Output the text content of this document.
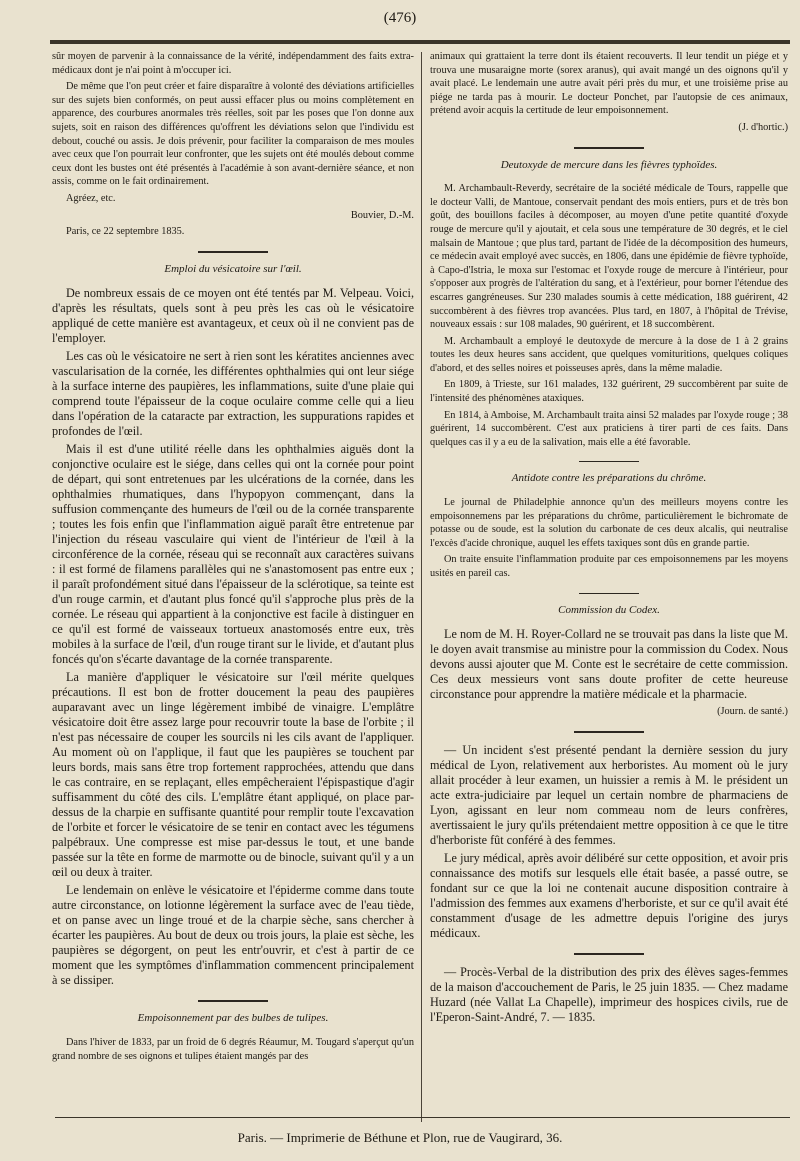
(476)

sûr moyen de parvenir à la connaissance de la vérité, indépendamment des faits extra-médicaux dont je n'ai point à m'occuper ici.

De même que l'on peut créer et faire disparaître à volonté des déviations artificielles sur des sujets bien conformés, on peut aussi effacer plus ou moins complètement en apparence, des courbures anormales très réelles, soit par les poses que l'on donne aux sujets, soit en raison des différences qu'offrent les déviations selon que l'individu est debout, couché ou assis. Je dois prévenir, pour faciliter la comparaison de mes moules avec ceux que l'on pourrait leur confronter, que les sujets ont été moulés debout comme ceux dont les bustes ont été présentés à l'académie à son avant-dernière séance, et non assis, comme on le fait ordinairement.

Agréez, etc.

Bouvier, D.-M.

Paris, ce 22 septembre 1835.

Emploi du vésicatoire sur l'œil.

De nombreux essais de ce moyen ont été tentés par M. Velpeau. Voici, d'après les résultats, quels sont à peu près les cas où le vésicatoire appliqué de cette manière est avantageux, et ceux où il ne convient pas de l'employer.

Les cas où le vésicatoire ne sert à rien sont les kératites anciennes avec vascularisation de la cornée, les différentes ophthalmies qui ont leur siége à la surface interne des paupières, les inflammations, suite d'une plaie qui comprend toute l'épaisseur de la coque oculaire comme celle qui a lieu dans l'opération de la cataracte par extraction, les suppurations rapides et profondes de l'œil.

Mais il est d'une utilité réelle dans les ophthalmies aiguës dont la conjonctive oculaire est le siége, dans celles qui ont la cornée pour point de départ, qui sont entretenues par les ulcérations de la cornée, dans les ophthalmies rhumatiques, dans l'hypopyon commençant, dans la suffusion commençante des humeurs de l'œil ou de la cornée transparente ; toutes les fois enfin que l'inflammation aiguë paraît être entretenue par l'injection du réseau vasculaire qui vient de l'intérieur de l'œil à la circonférence de la cornée, réseau qui se reconnaît aux caractères suivans : il est formé de filamens parallèles qui ne s'anastomosent pas entre eux ; il paraît profondément situé dans l'épaisseur de la sclérotique, sa teinte est d'un rouge carmin, et d'autant plus foncé qu'il s'approche plus près de la cornée. Le réseau qui appartient à la conjonctive est facile à distinguer en ce qu'il est formé de vaisseaux tortueux anastomosés entre eux, très mobiles à la surface de l'œil, d'un rouge tirant sur le livide, et d'autant plus foncés qu'on s'écarte davantage de la cornée transparente.

La manière d'appliquer le vésicatoire sur l'œil mérite quelques précautions. Il est bon de frotter doucement la peau des paupières auparavant avec un linge légèrement imbibé de vinaigre. L'emplâtre vésicatoire doit être assez large pour recouvrir toute la base de l'orbite ; il n'est pas nécessaire de couper les sourcils ni les cils avant de l'appliquer. Au moment où on l'applique, il faut que les paupières se touchent par leurs bords, mais sans être trop fortement rapprochées, attendu que dans le cas contraire, en se replaçant, elles empêcheraient l'épispastique d'agir suffisamment du côté des cils. L'emplâtre étant appliqué, on place par-dessus de la charpie en suffisante quantité pour remplir toute l'excavation de l'orbite et forcer le vésicatoire de se tenir en contact avec les tégumens palpébraux. Une compresse est mise par-dessus le tout, et une bande passée sur la tête en forme de marmotte ou de binocle, suivant qu'il y a un œil ou deux à traiter.

Le lendemain on enlève le vésicatoire et l'épiderme comme dans toute autre circonstance, on lotionne légèrement la surface avec de l'eau tiède, et on panse avec un linge troué et de la charpie sèche, sans chercher à écarter les paupières. Au bout de deux ou trois jours, la plaie est sèche, les paupières se dégorgent, on peut les entr'ouvrir, et c'est à partir de ce moment que les symptômes d'inflammation commencent principalement à se dissiper.

Empoisonnement par des bulbes de tulipes.

Dans l'hiver de 1833, par un froid de 6 degrés Réaumur, M. Tougard s'aperçut qu'un grand nombre de ses oignons et tulipes étaient mangés par des

animaux qui grattaient la terre dont ils étaient recouverts. Il leur tendit un piége et y trouva une musaraigne morte (sorex aranus), qui avait mangé un des oignons qu'il y avait placé. Le lendemain une autre avait péri près du mur, et une troisième prise au piége ne tarda pas à mourir. Le docteur Ponchet, par l'autopsie de ces animaux, prétend avoir acquis la certitude de leur empoisonnement.

(J. d'hortic.)

Deutoxyde de mercure dans les fièvres typhoïdes.

M. Archambault-Reverdy, secrétaire de la société médicale de Tours, rappelle que le docteur Valli, de Mantoue, conservait pendant des mois entiers, purs et de très bon goût, des bouillons faciles à décomposer, au moyen d'une petite quantité d'oxyde rouge de mercure qu'il y ajoutait, et cela sous une température de 30 degrés, et le ciel malsain de Mantoue ; que plus tard, partant de l'idée de la décomposition des humeurs, ce médecin avait employé avec succès, en 1806, dans une épidémie de fièvre typhoïde, à Capo-d'Istria, le moxa sur l'estomac et l'oxyde rouge de mercure à l'intérieur, pour s'opposer aux progrès de l'altération du sang, et à l'extérieur, pour borner l'étendue des escarres gangréneuses. Sur 230 malades soumis à cette médication, 188 guérirent, 42 succombèrent à des fièvres trop avancées. Plus tard, en 1807, à l'hôpital de Trévise, nouveaux essais : sur 108 malades, 90 guérirent, et 18 succombèrent.

M. Archambault a employé le deutoxyde de mercure à la dose de 1 à 2 grains toutes les deux heures sans accident, que quelques vomituritions, quelques coliques d'abord, et des selles noires et poisseuses après, dans la même maladie.

En 1809, à Trieste, sur 161 malades, 132 guérirent, 29 succombèrent par suite de l'intensité des phénomènes ataxiques.

En 1814, à Amboise, M. Archambault traita ainsi 52 malades par l'oxyde rouge ; 38 guérirent, 14 succombèrent. C'est aux praticiens à tirer parti de ces faits. Dans quelques cas il y a eu de la salivation, mais elle a été favorable.

Antidote contre les préparations du chrôme.

Le journal de Philadelphie annonce qu'un des meilleurs moyens contre les empoisonnemens par les préparations du chrôme, particulièrement le bichromate de potasse ou de soude, est la solution du carbonate de ces deux alcalis, qui neutralise l'excès d'acide chronique, auquel les effets taxiques sont dûs en grande partie.

On traite ensuite l'inflammation produite par ces empoisonnemens par les moyens usités en pareil cas.

Commission du Codex.

Le nom de M. H. Royer-Collard ne se trouvait pas dans la liste que M. le doyen avait transmise au ministre pour la commission du Codex. Nous devons aussi ajouter que M. Conte est le secrétaire de cette commission. Ces deux messieurs vont sans doute profiter de cette heureuse circonstance pour apprendre la matière médicale et la pharmacie.

(Journ. de santé.)

— Un incident s'est présenté pendant la dernière session du jury médical de Lyon, relativement aux herboristes. Au moment où le jury allait procéder à leur examen, un huissier a remis à M. le président un acte extra-judiciaire par lequel un certain nombre de pharmaciens de Lyon, agissant en leur nom commeau nom de leurs confrères, avertissaient le jury qu'ils prétendaient mettre opposition à ce que le titre d'herboriste fût conféré à des femmes.

Le jury médical, après avoir délibéré sur cette opposition, et avoir pris connaissance des motifs sur lesquels elle était basée, a passé outre, se fondant sur ce que la loi ne contenait aucune disposition contraire à l'admission des femmes aux examens d'herboriste, et sur ce qu'il avait été constamment d'usage de les admettre depuis l'origine des jurys médicaux.

— Procès-Verbal de la distribution des prix des élèves sages-femmes de la maison d'accouchement de Paris, le 25 juin 1835. — Chez madame Huzard (née Vallat La Chapelle), imprimeur des hospices civils, rue de l'Eperon-Saint-André, 7. — 1835.

Paris. — Imprimerie de Béthune et Plon, rue de Vaugirard, 36.
